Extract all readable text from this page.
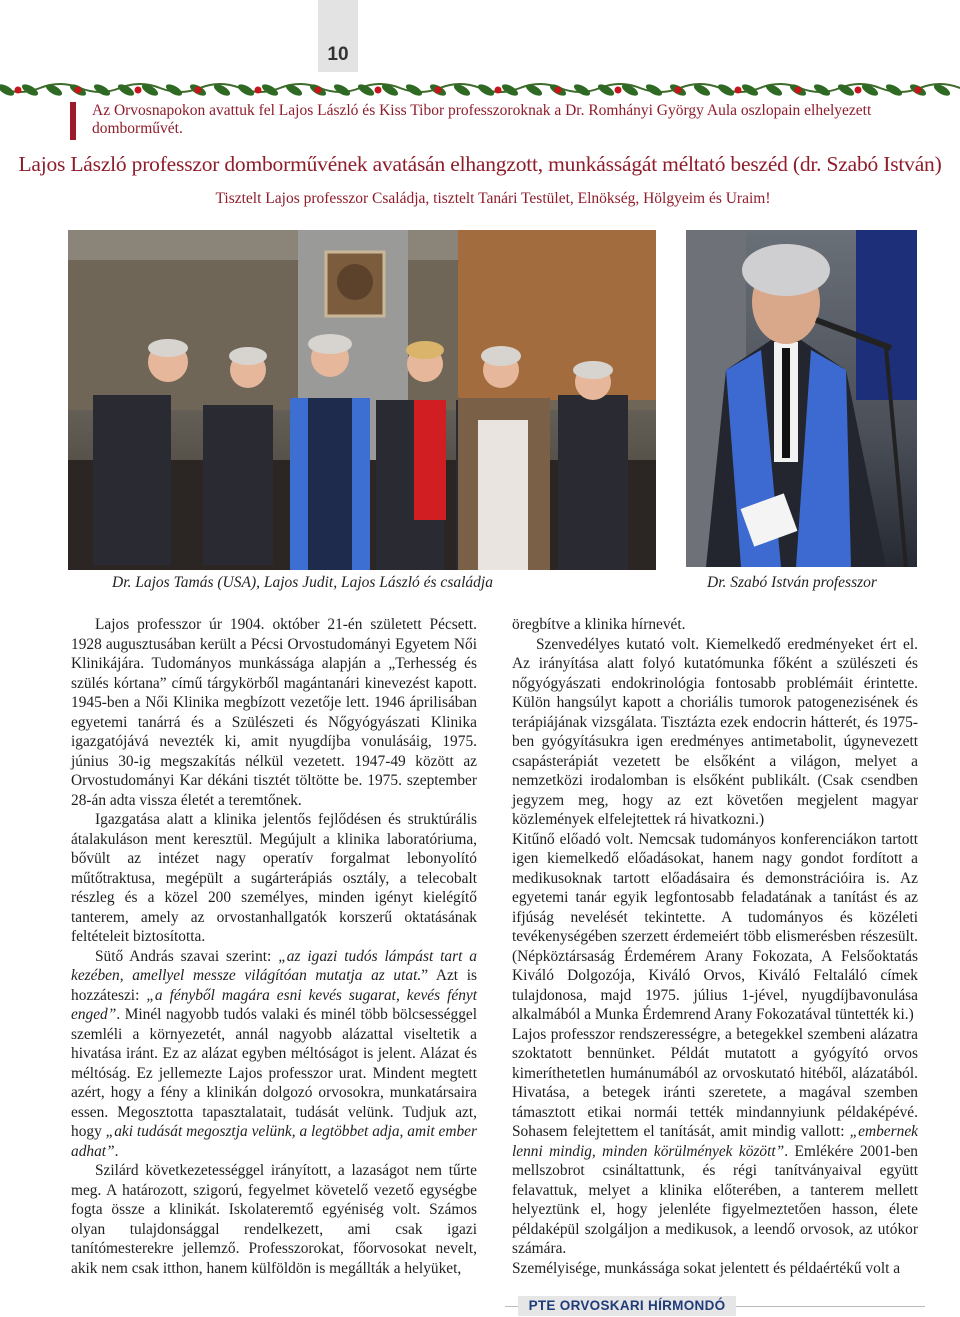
10
Az Orvosnapokon avattuk fel Lajos László és Kiss Tibor professzoroknak a Dr. Romhányi György Aula oszlopain elhelyezett domborművét.
Lajos László professzor domborművének avatásán elhangzott, munkásságát méltató beszéd (dr. Szabó István)
Tisztelt Lajos professzor Családja, tisztelt Tanári Testület, Elnökség, Hölgyeim és Uraim!
Dr. Lajos Tamás (USA), Lajos Judit, Lajos László és családja	Dr. Szabó István professzor

Lajos professzor úr 1904. október 21-én született Pécsett. 1928 augusztusában került a Pécsi Orvostudományi Egyetem Női Klinikájára. Tudományos munkássága alapján a „Terhesség és szülés kórtana” című tárgykörből magántanári kinevezést kapott. 1945-ben a Női Klinika megbízott vezetője lett. 1946 áprilisában egyetemi tanárrá és a Szülészeti és Nőgyógyászati Klinika igazgatójává nevezték ki, amit nyugdíjba vonulásáig, 1975. június 30-ig megszakítás nélkül vezetett. 1947-49 között az Orvostudományi Kar dékáni tisztét töltötte be. 1975. szeptember 28-án adta vissza életét a teremtőnek.

Igazgatása alatt a klinika jelentős fejlődésen és struktúrális átalakuláson ment keresztül. Megújult a klinika laboratóriuma, bővült az intézet nagy operatív forgalmat lebonyolító műtőtraktusa, megépült a sugárterápiás osztály, a telecobalt részleg és a közel 200 személyes, minden igényt kielégítő tanterem, amely az orvostanhallgatók korszerű oktatásának feltételeit biztosította.

Sütő András szavai szerint: „az igazi tudós lámpást tart a kezében, amellyel messze világítóan mutatja az utat.” Azt is hozzáteszi: „a fényből magára esni kevés sugarat, kevés fényt enged”. Minél nagyobb tudós valaki és minél több bölcsességgel szemléli a környezetét, annál nagyobb alázattal viseltetik a hivatása iránt. Ez az alázat egyben méltóságot is jelent. Alázat és méltóság. Ez jellemezte Lajos professzor urat. Mindent megtett azért, hogy a fény a klinikán dolgozó orvosokra, munkatársaira essen. Megosztotta tapasztalatait, tudását velünk. Tudjuk azt, hogy „aki tudását megosztja velünk, a legtöbbet adja, amit ember adhat”.

Szilárd következetességgel irányított, a lazaságot nem tűrte meg. A határozott, szigorú, fegyelmet követelő vezető egységbe fogta össze a klinikát. Iskolateremtő egyéniség volt. Számos olyan tulajdonsággal rendelkezett, ami csak igazi tanítómesterekre jellemző. Professzorokat, főorvosokat nevelt, akik nem csak itthon, hanem külföldön is megállták a helyüket,

öregbítve a klinika hírnevét.

Szenvedélyes kutató volt. Kiemelkedő eredményeket ért el. Az irányítása alatt folyó kutatómunka főként a szülészeti és nőgyógyászati endokrinológia fontosabb problémáit érintette. Külön hangsúlyt kapott a choriális tumorok patogenezisének és terápiájának vizsgálata. Tisztázta ezek endocrin hátterét, és 1975-ben gyógyításukra igen eredményes antimetabolit, úgynevezett csapásterápiát vezetett be elsőként a világon, melyet a nemzetközi irodalomban is elsőként publikált. (Csak csendben jegyzem meg, hogy az ezt követően megjelent magyar közlemények elfelejtettek rá hivatkozni.)

Kitűnő előadó volt. Nemcsak tudományos konferenciákon tartott igen kiemelkedő előadásokat, hanem nagy gondot fordított a medikusoknak tartott előadásaira és demonstrációira is. Az egyetemi tanár egyik legfontosabb feladatának a tanítást és az ifjúság nevelését tekintette. A tudományos és közéleti tevékenységében szerzett érdemeiért több elismerésben részesült. (Népköztársaság Érdemérem Arany Fokozata, A Felsőoktatás Kiváló Dolgozója, Kiváló Orvos, Kiváló Feltaláló címek tulajdonosa, majd 1975. július 1-jével, nyugdíjbavonulása alkalmából a Munka Érdemrend Arany Fokozatával tüntették ki.)

Lajos professzor rendszerességre, a betegekkel szembeni alázatra szoktatott bennünket. Példát mutatott a gyógyító orvos kimeríthetetlen humánumából az orvoskutató hitéből, alázatából. Hivatása, a betegek iránti szeretete, a magával szemben támasztott etikai normái tették mindannyiunk példaképévé. Sohasem felejtettem el tanítását, amit mindig vallott: „embernek lenni mindig, minden körülmények között”. Emlékére 2001-ben mellszobrot csináltattunk, és régi tanítványaival együtt felavattuk, melyet a klinika előterében, a tanterem mellett helyeztünk el, hogy jelenléte figyelmeztetően hasson, élete példaképül szolgáljon a medikusok, a leendő orvosok, az utókor számára.

Személyisége, munkássága sokat jelentett és példaértékű volt a

PTE ORVOSKARI HÍRMONDÓ
